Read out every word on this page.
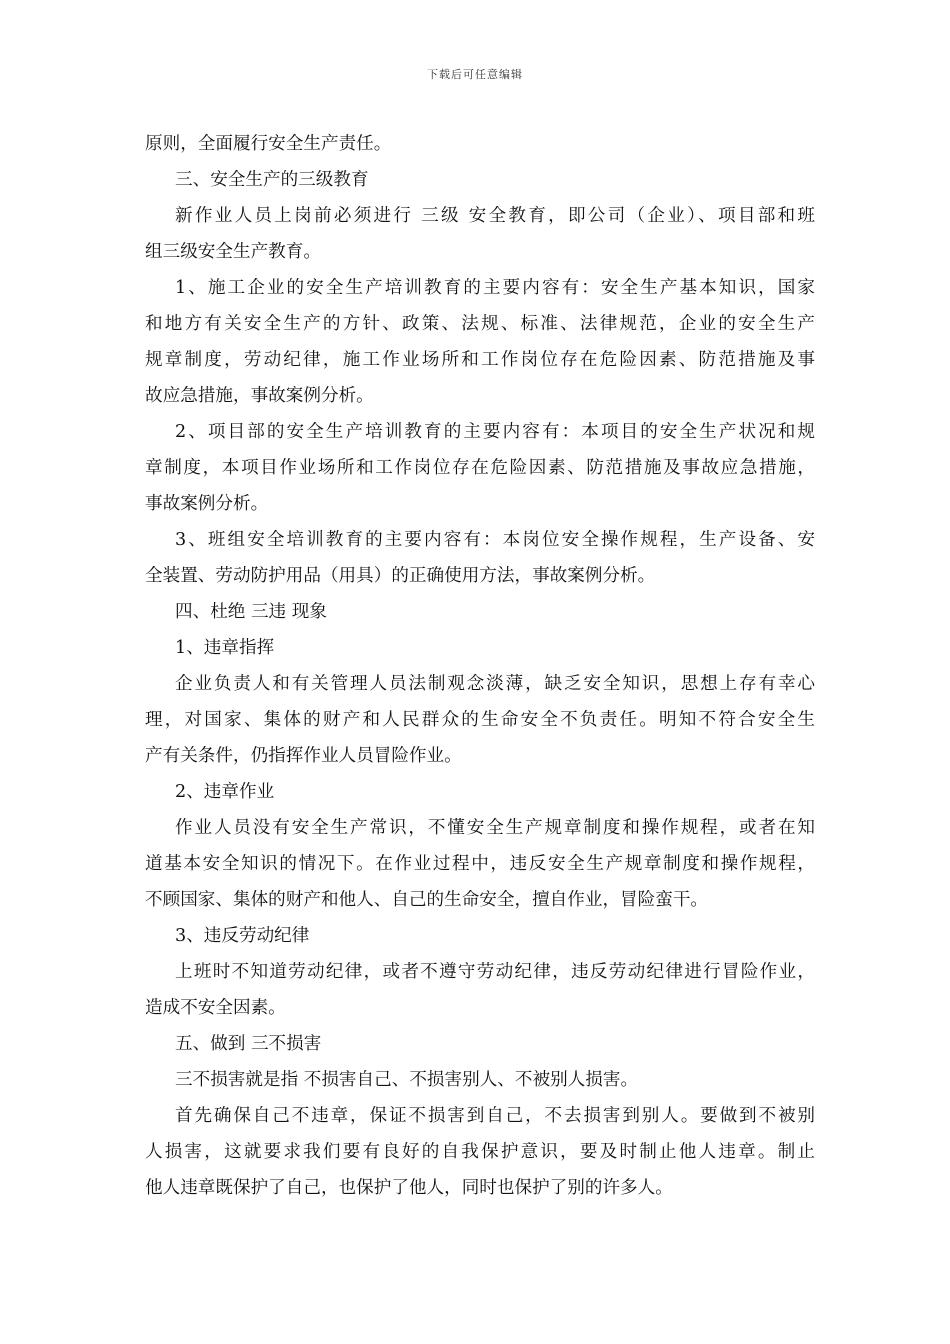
下载后可任意编辑
原则，全面履行安全生产责任。
三、安全生产的三级教育
新作业人员上岗前必须进行 三级 安全教育，即公司（企业）、项目部和班
组三级安全生产教育。
1、施工企业的安全生产培训教育的主要内容有：安全生产基本知识，国家
和地方有关安全生产的方针、政策、法规、标准、法律规范，企业的安全生产
规章制度，劳动纪律，施工作业场所和工作岗位存在危险因素、防范措施及事
故应急措施，事故案例分析。
2、项目部的安全生产培训教育的主要内容有：本项目的安全生产状况和规
章制度，本项目作业场所和工作岗位存在危险因素、防范措施及事故应急措施，
事故案例分析。
3、班组安全培训教育的主要内容有：本岗位安全操作规程，生产设备、安
全装置、劳动防护用品（用具）的正确使用方法，事故案例分析。
四、杜绝 三违 现象
1、违章指挥
企业负责人和有关管理人员法制观念淡薄，缺乏安全知识，思想上存有幸心
理，对国家、集体的财产和人民群众的生命安全不负责任。明知不符合安全生
产有关条件，仍指挥作业人员冒险作业。
2、违章作业
作业人员没有安全生产常识，不懂安全生产规章制度和操作规程，或者在知
道基本安全知识的情况下。在作业过程中，违反安全生产规章制度和操作规程，
不顾国家、集体的财产和他人、自己的生命安全，擅自作业，冒险蛮干。
3、违反劳动纪律
上班时不知道劳动纪律，或者不遵守劳动纪律，违反劳动纪律进行冒险作业，
造成不安全因素。
五、做到 三不损害
三不损害就是指 不损害自己、不损害别人、不被别人损害。
首先确保自己不违章，保证不损害到自己，不去损害到别人。要做到不被别
人损害，这就要求我们要有良好的自我保护意识，要及时制止他人违章。制止
他人违章既保护了自己，也保护了他人，同时也保护了别的许多人。
